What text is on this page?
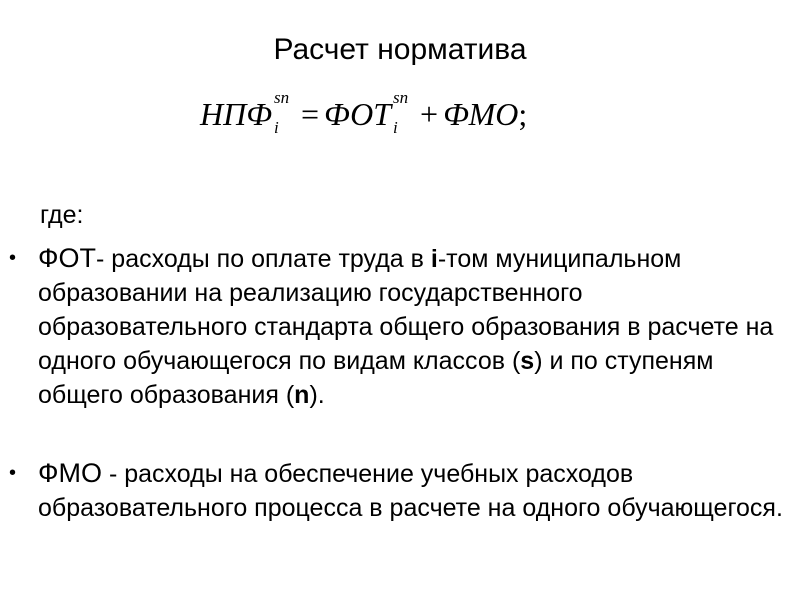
Расчет норматива
НПФ sn
i = ФОТ sn
i + ФМО;
где:
• ФОТ- расходы по оплате труда в i-том муниципальном образовании на реализацию государственного образовательного стандарта общего образования в расчете на одного обучающегося по видам классов (s) и по ступеням общего образования (n).
• ФМО - расходы на обеспечение учебных расходов образовательного процесса в расчете на одного обучающегося.
